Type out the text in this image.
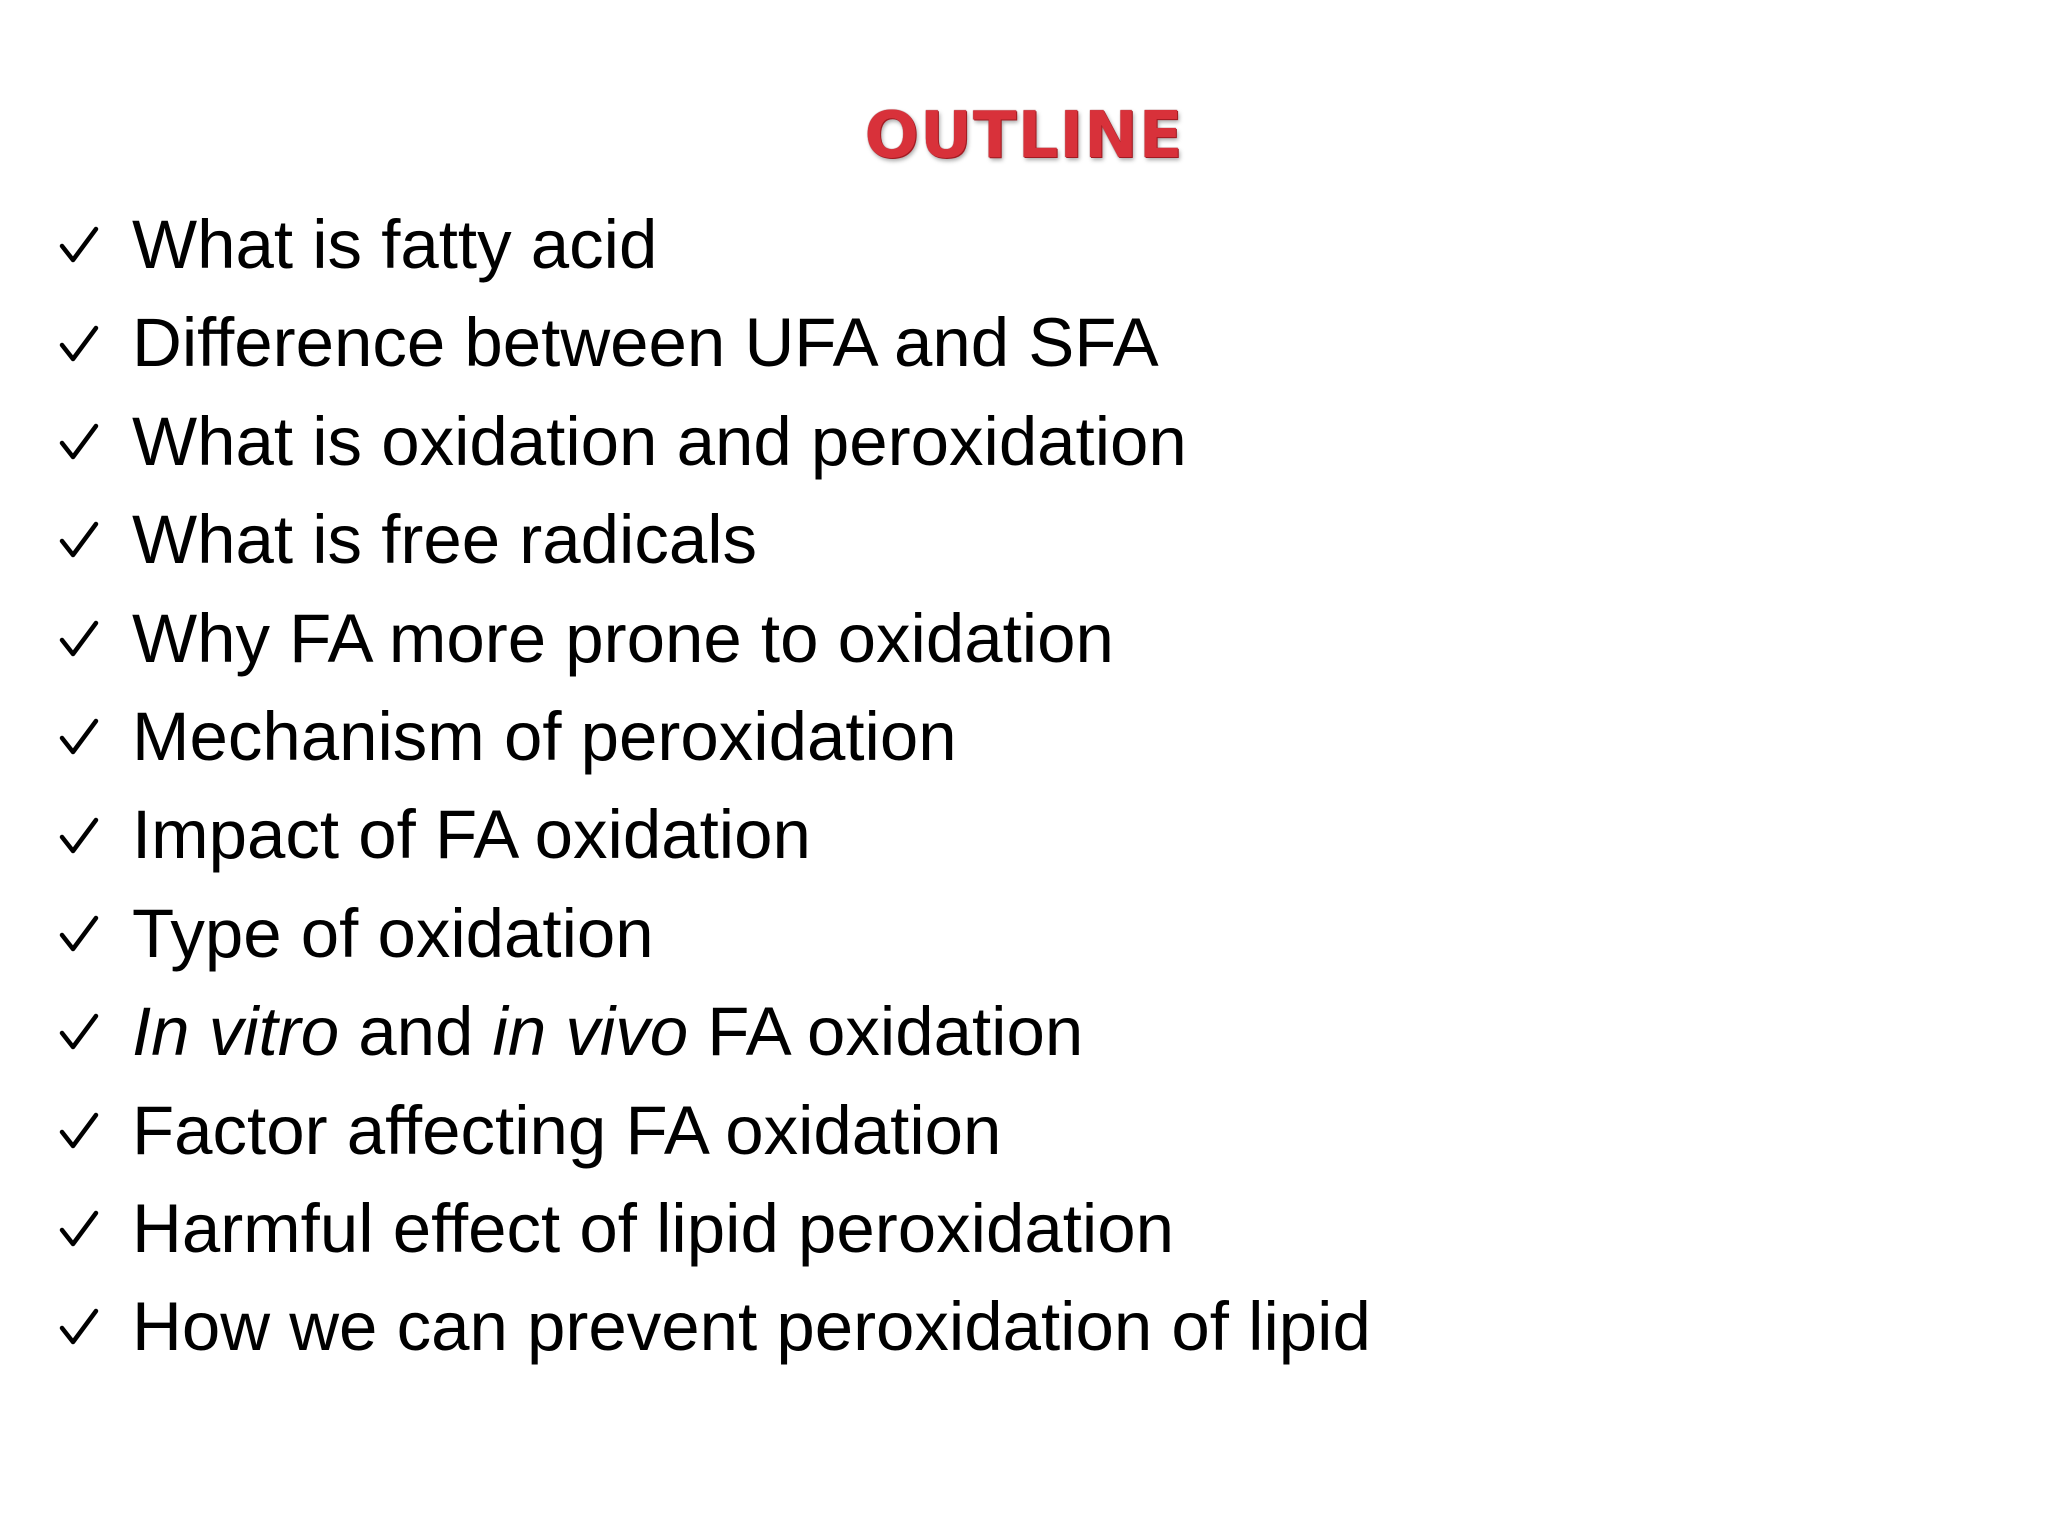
OUTLINE
What is fatty acid
Difference between UFA and SFA
What is oxidation and peroxidation
What is free radicals
Why FA more prone to oxidation
Mechanism of peroxidation
Impact of FA oxidation
Type of oxidation
In vitro and in vivo FA oxidation
Factor affecting FA oxidation
Harmful effect of lipid peroxidation
How we can prevent peroxidation of lipid
